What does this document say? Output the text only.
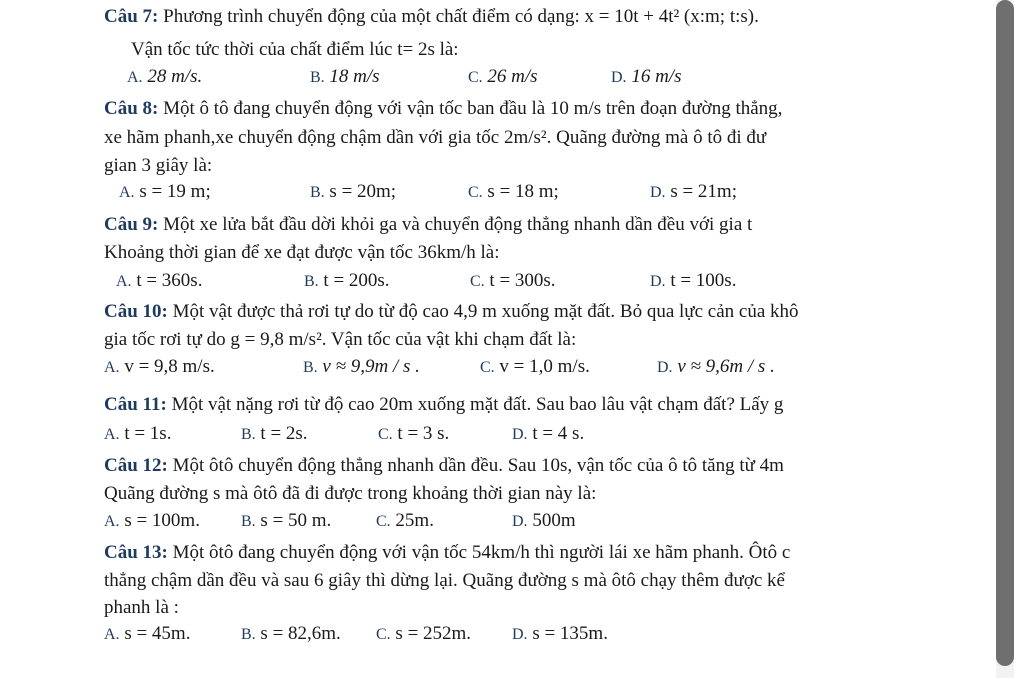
Câu 7: Phương trình chuyển động của một chất điểm có dạng: x = 10t + 4t² (x:m; t:s).
Vận tốc tức thời của chất điểm lúc t= 2s là:
A. 28 m/s.	B. 18 m/s	C. 26 m/s	D. 16 m/s
Câu 8: Một ô tô đang chuyển động với vận tốc ban đầu là 10 m/s trên đoạn đường thẳng,
xe hãm phanh,xe chuyển động chậm dần với gia tốc 2m/s². Quãng đường mà ô tô đi đư
gian 3 giây là:
A. s = 19 m;	B. s = 20m;	C. s = 18 m;	D. s = 21m;
Câu 9: Một xe lửa bắt đầu dời khỏi ga và chuyển động thẳng nhanh dần đều với gia t
Khoảng thời gian để xe đạt được vận tốc 36km/h là:
A. t = 360s.	B. t = 200s.	C. t = 300s.	D. t = 100s.
Câu 10: Một vật được thả rơi tự do từ độ cao 4,9 m xuống mặt đất. Bỏ qua lực cản của khô
gia tốc rơi tự do g = 9,8 m/s². Vận tốc của vật khi chạm đất là:
A. v = 9,8 m/s.	B. v ≈ 9,9m / s .	C. v = 1,0 m/s.	D. v ≈ 9,6m / s .
Câu 11: Một vật nặng rơi từ độ cao 20m xuống mặt đất. Sau bao lâu vật chạm đất? Lấy g
A. t = 1s.	B. t = 2s.	C. t = 3 s.	D. t = 4 s.
Câu 12: Một ôtô chuyển động thẳng nhanh dần đều. Sau 10s, vận tốc của ô tô tăng từ 4m
Quãng đường s mà ôtô đã đi được trong khoảng thời gian này là:
A. s = 100m.	B. s = 50 m.	C. 25m.	D. 500m
Câu 13: Một ôtô đang chuyển động với vận tốc 54km/h thì người lái xe hãm phanh. Ôtô c
thẳng chậm dần đều và sau 6 giây thì dừng lại. Quãng đường s mà ôtô chạy thêm được kể
phanh là :
A. s = 45m.	B. s = 82,6m. C. s = 252m.	D. s = 135m.
